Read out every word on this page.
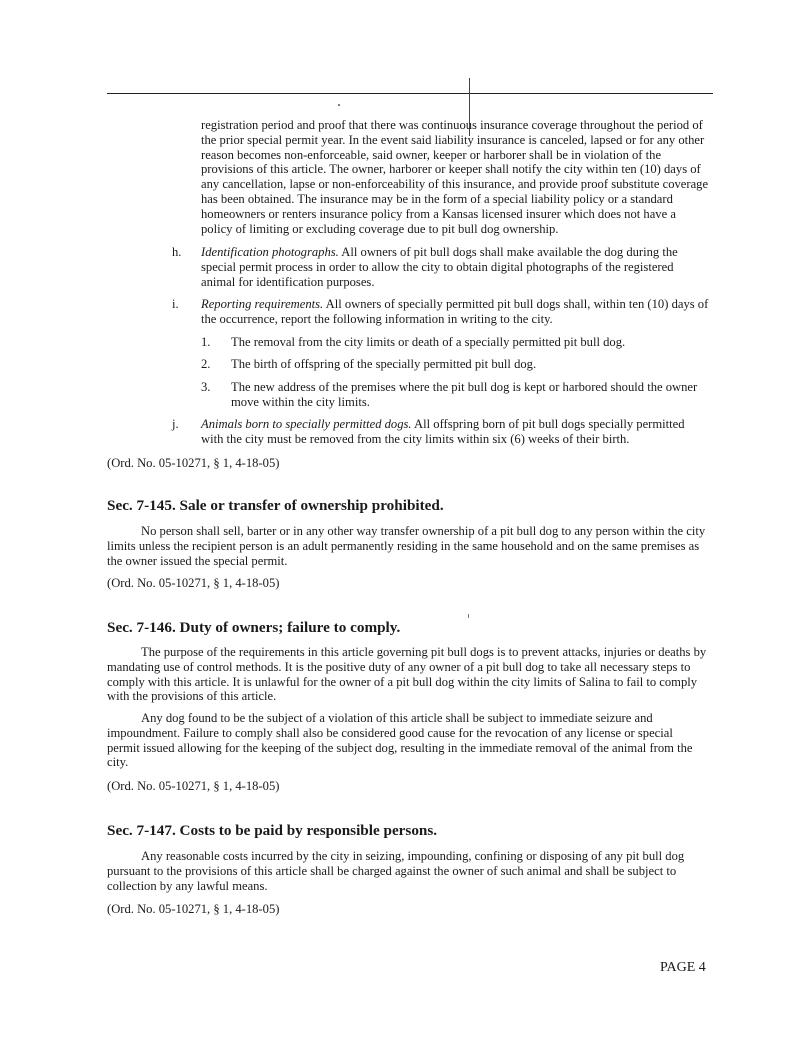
registration period and proof that there was continuous insurance coverage throughout the period of the prior special permit year. In the event said liability insurance is canceled, lapsed or for any other reason becomes non-enforceable, said owner, keeper or harborer shall be in violation of the provisions of this article. The owner, harborer or keeper shall notify the city within ten (10) days of any cancellation, lapse or non-enforceability of this insurance, and provide proof substitute coverage has been obtained. The insurance may be in the form of a special liability policy or a standard homeowners or renters insurance policy from a Kansas licensed insurer which does not have a policy of limiting or excluding coverage due to pit bull dog ownership.

h. Identification photographs. All owners of pit bull dogs shall make available the dog during the special permit process in order to allow the city to obtain digital photographs of the registered animal for identification purposes.
i. Reporting requirements. All owners of specially permitted pit bull dogs shall, within ten (10) days of the occurrence, report the following information in writing to the city.
1. The removal from the city limits or death of a specially permitted pit bull dog.
2. The birth of offspring of the specially permitted pit bull dog.
3. The new address of the premises where the pit bull dog is kept or harbored should the owner move within the city limits.
j. Animals born to specially permitted dogs. All offspring born of pit bull dogs specially permitted with the city must be removed from the city limits within six (6) weeks of their birth.
(Ord. No. 05-10271, § 1, 4-18-05)
Sec. 7-145. Sale or transfer of ownership prohibited.

No person shall sell, barter or in any other way transfer ownership of a pit bull dog to any person within the city limits unless the recipient person is an adult permanently residing in the same household and on the same premises as the owner issued the special permit.

(Ord. No. 05-10271, § 1, 4-18-05)
Sec. 7-146. Duty of owners; failure to comply.

The purpose of the requirements in this article governing pit bull dogs is to prevent attacks, injuries or deaths by mandating use of control methods. It is the positive duty of any owner of a pit bull dog to take all necessary steps to comply with this article. It is unlawful for the owner of a pit bull dog within the city limits of Salina to fail to comply with the provisions of this article.

Any dog found to be the subject of a violation of this article shall be subject to immediate seizure and impoundment. Failure to comply shall also be considered good cause for the revocation of any license or special permit issued allowing for the keeping of the subject dog, resulting in the immediate removal of the animal from the city.

(Ord. No. 05-10271, § 1, 4-18-05)
Sec. 7-147. Costs to be paid by responsible persons.

Any reasonable costs incurred by the city in seizing, impounding, confining or disposing of any pit bull dog pursuant to the provisions of this article shall be charged against the owner of such animal and shall be subject to collection by any lawful means.

(Ord. No. 05-10271, § 1, 4-18-05)
PAGE 4
